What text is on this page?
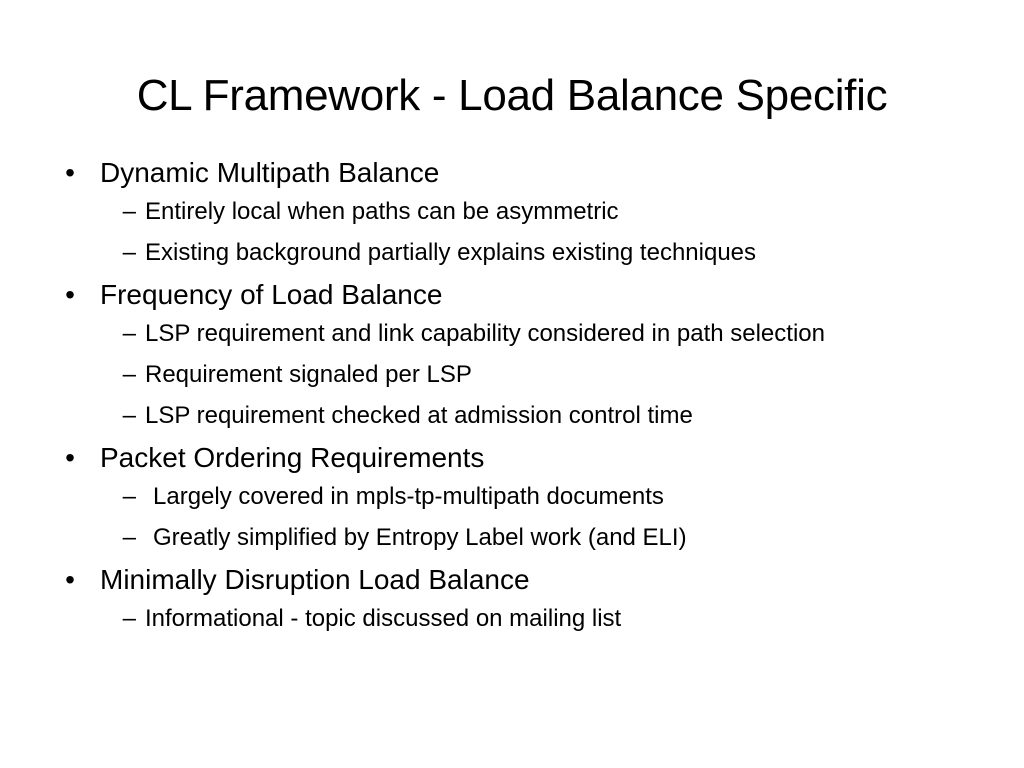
CL Framework - Load Balance Specific
• Dynamic Multipath Balance
– Entirely local when paths can be asymmetric
– Existing background partially explains existing techniques
• Frequency of Load Balance
– LSP requirement and link capability considered in path selection
– Requirement signaled per LSP
– LSP requirement checked at admission control time
• Packet Ordering Requirements
– Largely covered in mpls-tp-multipath documents
– Greatly simplified by Entropy Label work (and ELI)
• Minimally Disruption Load Balance
– Informational - topic discussed on mailing list
